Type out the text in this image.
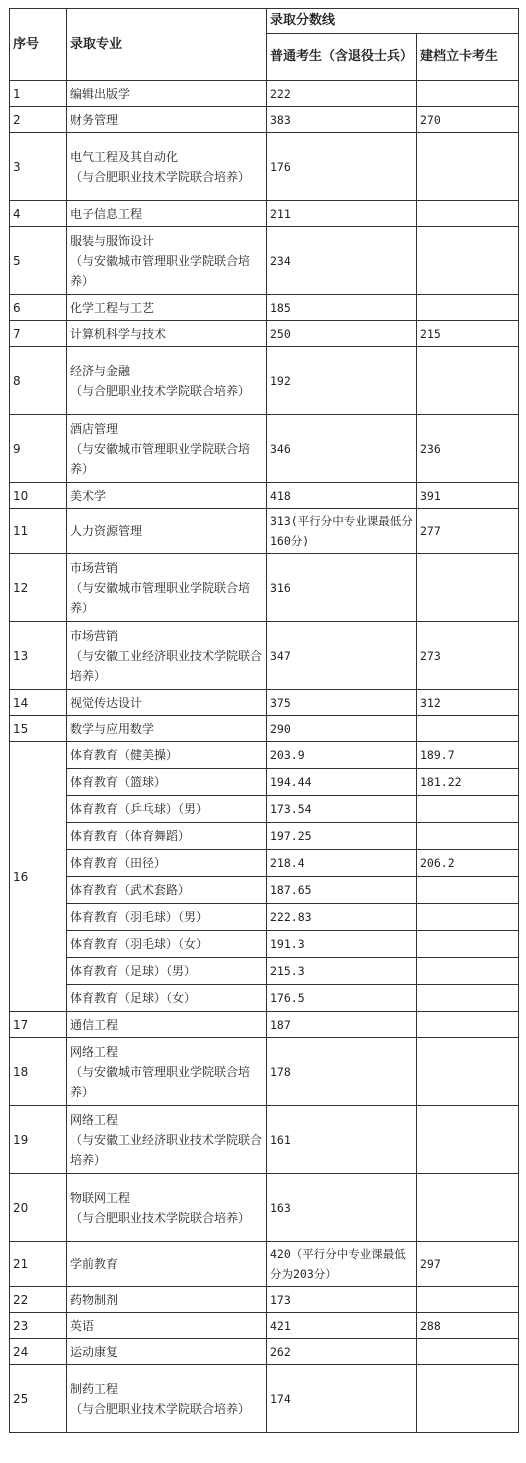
序号	录取专业	录取分数线	
		普通考生（含退役士兵）	建档立卡考生
1	编辑出版学	222	
2	财务管理	383	270
3	电气工程及其自动化
（与合肥职业技术学院联合培养）	176	
4	电子信息工程	211	
5	服装与服饰设计
（与安徽城市管理职业学院联合培养）	234	
6	化学工程与工艺	185	
7	计算机科学与技术	250	215
8	经济与金融
（与合肥职业技术学院联合培养）	192	
9	酒店管理
（与安徽城市管理职业学院联合培养）	346	236
10	美术学	418	391
11	人力资源管理	313(平行分中专业课最低分160分)	277
12	市场营销
（与安徽城市管理职业学院联合培养）	316	
13	市场营销
（与安徽工业经济职业技术学院联合培养）	347	273
14	视觉传达设计	375	312
15	数学与应用数学	290	
16	体育教育（健美操）	203.9	189.7
	体育教育（篮球）	194.44	181.22
	体育教育（乒乓球）（男）	173.54	
	体育教育（体育舞蹈）	197.25	
	体育教育（田径）	218.4	206.2
	体育教育（武术套路）	187.65	
	体育教育（羽毛球）（男）	222.83	
	体育教育（羽毛球）（女）	191.3	
	体育教育（足球）（男）	215.3	
	体育教育（足球）（女）	176.5	
17	通信工程	187	
18	网络工程
（与安徽城市管理职业学院联合培养）	178	
19	网络工程
（与安徽工业经济职业技术学院联合培养）	161	
20	物联网工程
（与合肥职业技术学院联合培养）	163	
21	学前教育	420（平行分中专业课最低分为203分）	297
22	药物制剂	173	
23	英语	421	288
24	运动康复	262	
25	制药工程
（与合肥职业技术学院联合培养）	174	
